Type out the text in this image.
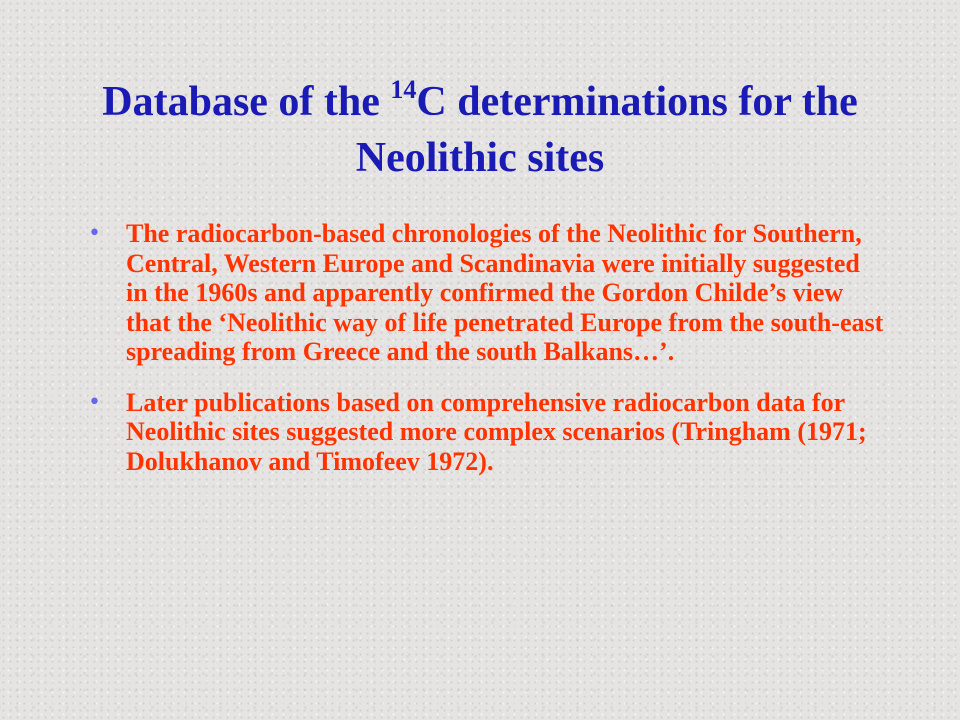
Database of the $^{14}$C determinations for the Neolithic sites
• The radiocarbon-based chronologies of the Neolithic for Southern, Central, Western Europe and Scandinavia were initially suggested in the 1960s and apparently confirmed the Gordon Childe’s view that the ‘Neolithic way of life penetrated Europe from the south-east spreading from Greece and the south Balkans…’.
• Later publications based on comprehensive radiocarbon data for Neolithic sites suggested more complex scenarios (Tringham (1971; Dolukhanov and Timofeev 1972).
